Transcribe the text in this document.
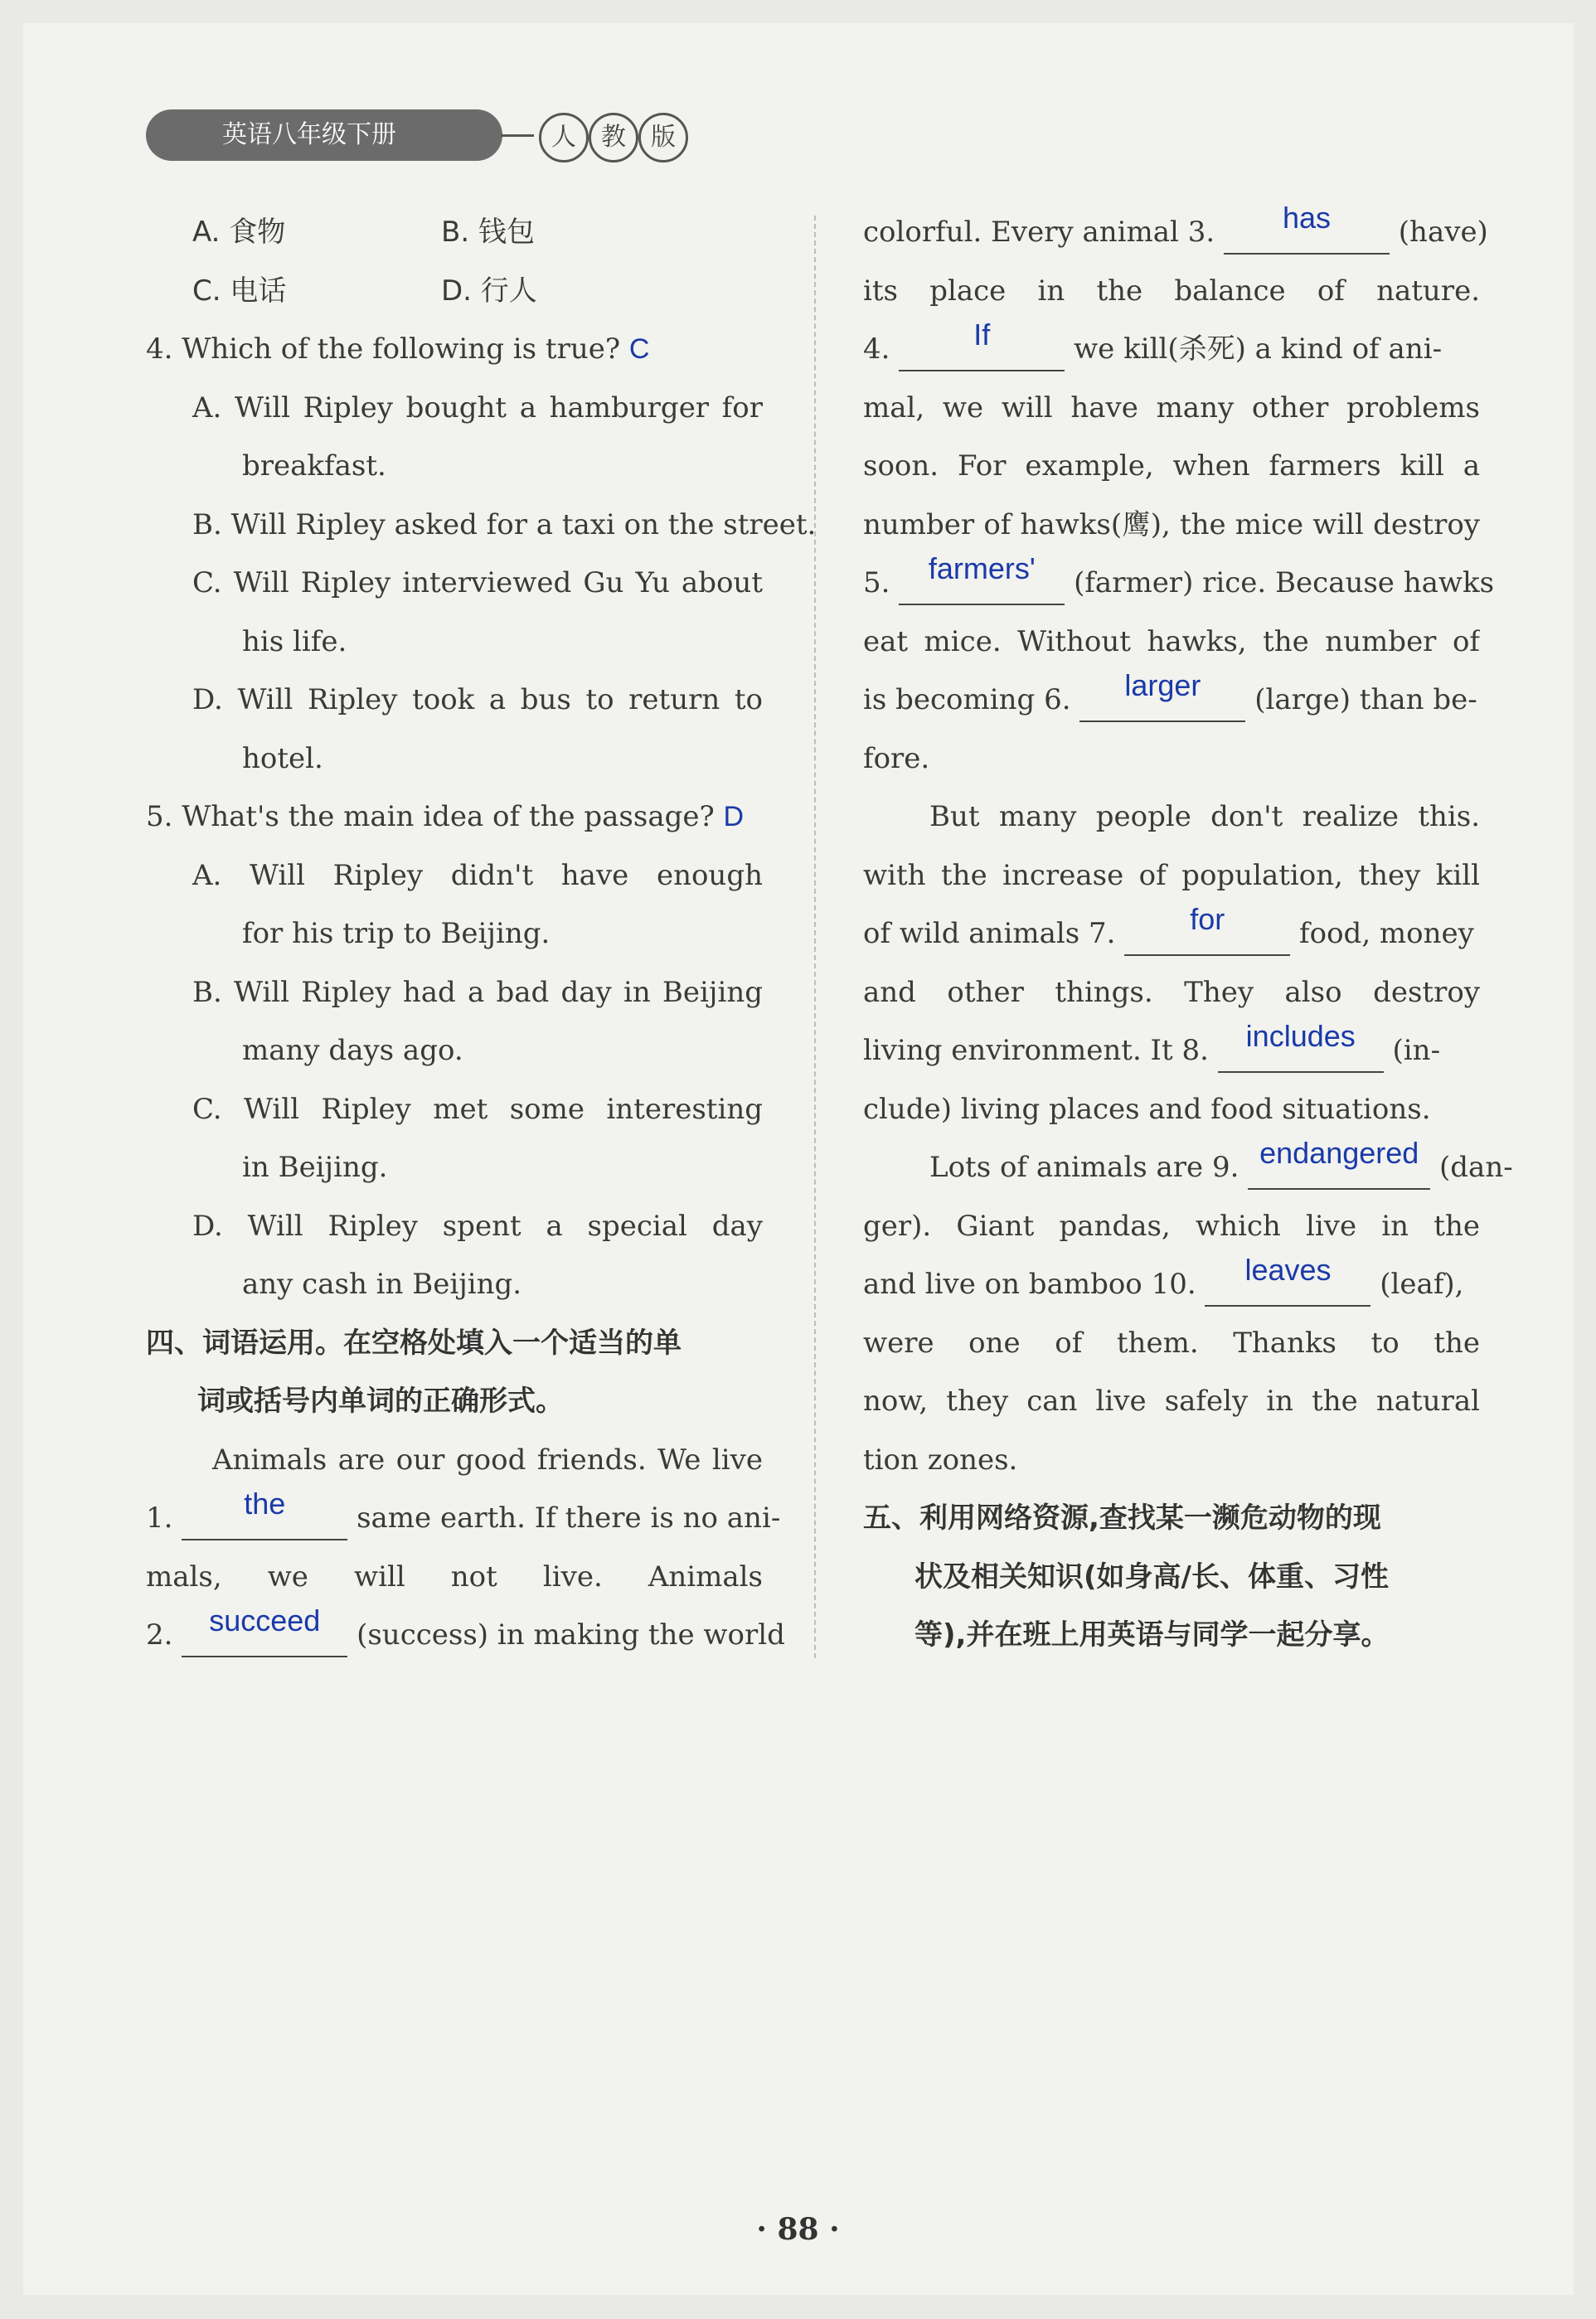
英语八年级下册	人	教	版
A. 食物	B. 钱包
C. 电话	D. 行人
4. Which of the following is true? C
A. Will Ripley bought a hamburger for
breakfast.
B. Will Ripley asked for a taxi on the street.
C. Will Ripley interviewed Gu Yu about
his life.
D. Will Ripley took a bus to return to
hotel.
5. What's the main idea of the passage? D
A. Will Ripley didn't have enough
for his trip to Beijing.
B. Will Ripley had a bad day in Beijing
many days ago.
C. Will Ripley met some interesting
in Beijing.
D. Will Ripley spent a special day
any cash in Beijing.
四、词语运用。在空格处填入一个适当的单
词或括号内单词的正确形式。
Animals are our good friends. We live
1. the	same earth. If there is no ani-
mals, we will not live. Animals
2. succeed (success) in making the world
colorful. Every animal 3. has (have)
its place in the balance of nature.
4.	If	we kill(杀死) a kind of ani-
mal, we will have many other problems
soon. For example, when farmers kill a
number of hawks(鹰), the mice will destroy
5. farmers' (farmer) rice. Because hawks
eat mice. Without hawks, the number of
is becoming 6. larger (large) than be-
fore.
But many people don't realize this.
with the increase of population, they kill
of wild animals 7. for	food, money
and other things. They also destroy
living environment. It 8. includes (in-
clude) living places and food situations.
Lots of animals are 9. endangered (dan-
ger). Giant pandas, which live in the
and live on bamboo 10. leaves (leaf),
were one of them. Thanks to the
now, they can live safely in the natural
tion zones.
五、利用网络资源,查找某一濒危动物的现
状及相关知识(如身高/长、体重、习性
等),并在班上用英语与同学一起分享。
· 88 ·
